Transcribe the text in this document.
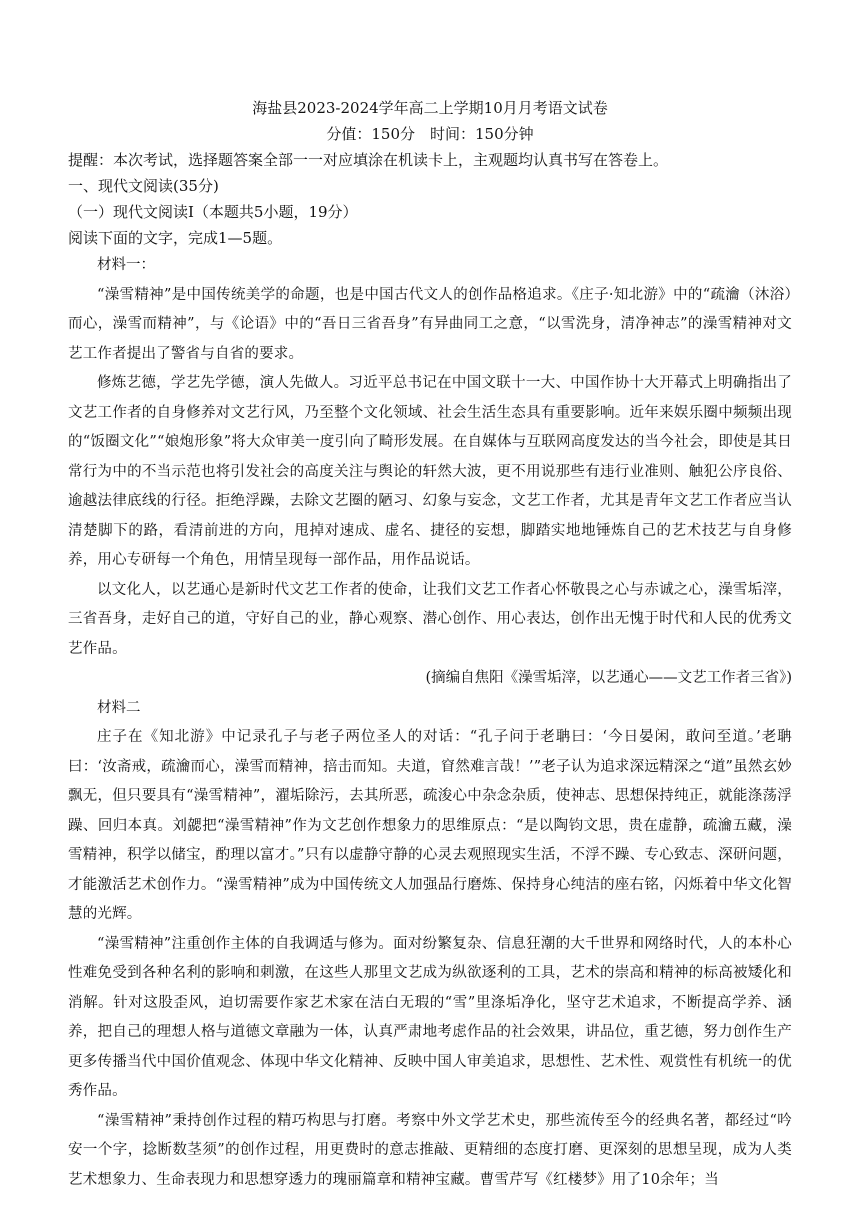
海盐县2023-2024学年高二上学期10月月考语文试卷

分值：150分　时间：150分钟

提醒：本次考试，选择题答案全部一一对应填涂在机读卡上，主观题均认真书写在答卷上。

一、现代文阅读(35分)

（一）现代文阅读Ⅰ（本题共5小题，19分）

阅读下面的文字，完成1—5题。

材料一：

“澡雪精神”是中国传统美学的命题，也是中国古代文人的创作品格追求。《庄子·知北游》中的“疏瀹（沐浴）而心，澡雪而精神”，与《论语》中的“吾日三省吾身”有异曲同工之意，“以雪洗身，清净神志”的澡雪精神对文艺工作者提出了警省与自省的要求。

修炼艺德，学艺先学德，演人先做人。习近平总书记在中国文联十一大、中国作协十大开幕式上明确指出了文艺工作者的自身修养对文艺行风，乃至整个文化领域、社会生活生态具有重要影响。近年来娱乐圈中频频出现的“饭圈文化”“娘炮形象”将大众审美一度引向了畸形发展。在自媒体与互联网高度发达的当今社会，即使是其日常行为中的不当示范也将引发社会的高度关注与舆论的轩然大波，更不用说那些有违行业准则、触犯公序良俗、逾越法律底线的行径。拒绝浮躁，去除文艺圈的陋习、幻象与妄念，文艺工作者，尤其是青年文艺工作者应当认清楚脚下的路，看清前进的方向，甩掉对速成、虚名、捷径的妄想，脚踏实地地锤炼自己的艺术技艺与自身修养，用心专研每一个角色，用情呈现每一部作品，用作品说话。

以文化人，以艺通心是新时代文艺工作者的使命，让我们文艺工作者心怀敬畏之心与赤诚之心，澡雪垢滓，三省吾身，走好自己的道，守好自己的业，静心观察、潜心创作、用心表达，创作出无愧于时代和人民的优秀文艺作品。

(摘编自焦阳《澡雪垢滓，以艺通心——文艺工作者三省》)

材料二

庄子在《知北游》中记录孔子与老子两位圣人的对话：“孔子问于老聃曰：‘今日晏闲，敢问至道。’老聃曰：‘汝斋戒，疏瀹而心，澡雪而精神，掊击而知。夫道，窅然难言哉！’”老子认为追求深远精深之“道”虽然玄妙飘无，但只要具有“澡雪精神”，濯垢除污，去其所恶，疏浚心中杂念杂质，使神志、思想保持纯正，就能涤荡浮躁、回归本真。刘勰把“澡雪精神”作为文艺创作想象力的思维原点：“是以陶钧文思，贵在虚静，疏瀹五藏，澡雪精神，积学以储宝，酌理以富才。”只有以虚静守静的心灵去观照现实生活，不浮不躁、专心致志、深研问题，才能激活艺术创作力。“澡雪精神”成为中国传统文人加强品行磨炼、保持身心纯洁的座右铭，闪烁着中华文化智慧的光辉。

“澡雪精神”注重创作主体的自我调适与修为。面对纷繁复杂、信息狂潮的大千世界和网络时代，人的本朴心性难免受到各种名利的影响和刺激，在这些人那里文艺成为纵欲逐利的工具，艺术的崇高和精神的标高被矮化和消解。针对这股歪风，迫切需要作家艺术家在洁白无瑕的“雪”里涤垢净化，坚守艺术追求，不断提高学养、涵养，把自己的理想人格与道德文章融为一体，认真严肃地考虑作品的社会效果，讲品位，重艺德，努力创作生产更多传播当代中国价值观念、体现中华文化精神、反映中国人审美追求，思想性、艺术性、观赏性有机统一的优秀作品。

“澡雪精神”秉持创作过程的精巧构思与打磨。考察中外文学艺术史，那些流传至今的经典名著，都经过“吟安一个字，捻断数茎须”的创作过程，用更费时的意志推敲、更精细的态度打磨、更深刻的思想呈现，成为人类艺术想象力、生命表现力和思想穿透力的瑰丽篇章和精神宝藏。曹雪芹写《红楼梦》用了10余年；当
